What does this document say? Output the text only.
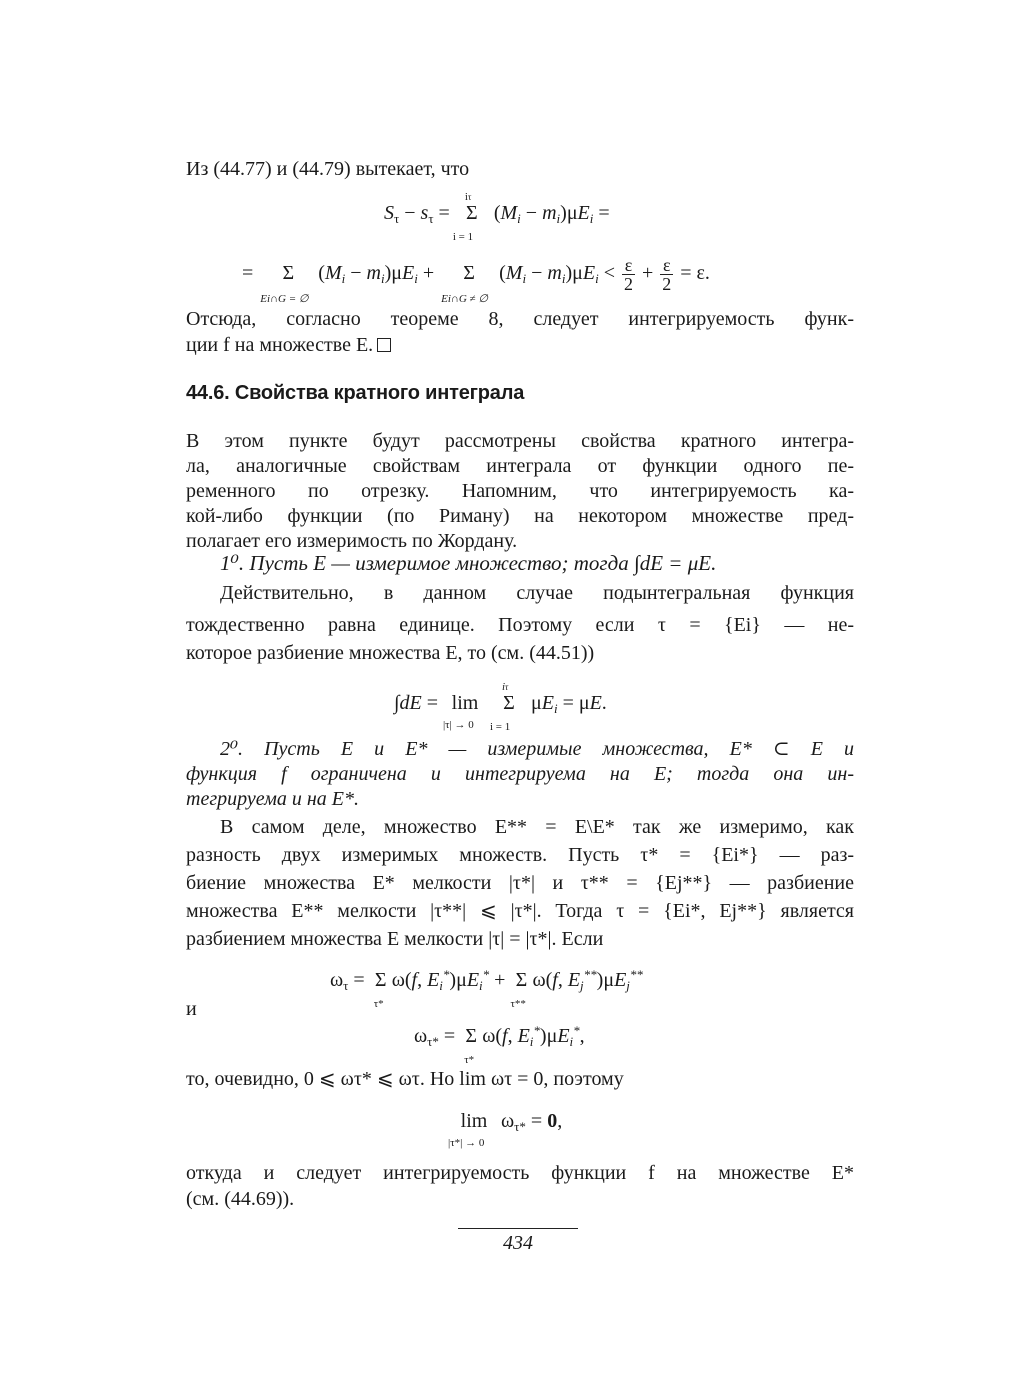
Из (44.77) и (44.79) вытекает, что
$S_\tau - s_\tau$ =
iτ
Σ
i = 1
$(M_i - m_i)\mu E_i$ =
= Σ
Ei∩G = ∅
$(M_i - m_i)\mu E_i + \Sigma$
Ei∩G ≠ ∅
$(M_i - m_i)\mu E_i < \frac{\varepsilon}{2} + \frac{\varepsilon}{2} = \varepsilon$.
Отсюда, согласно теореме 8, следует интегрируемость функ-
ции f на множестве E.
44.6. Свойства кратного интеграла
В этом пункте будут рассмотрены свойства кратного интегра-
ла, аналогичные свойствам интеграла от функции одного пе-
ременного по отрезку. Напомним, что интегрируемость ка-
кой-либо функции (по Риману) на некотором множестве пред-
полагает его измеримость по Жордану.
1⁰. Пусть E — измеримое множество; тогда ∫dE = μE.
Действительно, в данном случае подынтегральная функция
тождественно равна единице. Поэтому если τ = {Ei} — не-
которое разбиение множества E, то (см. (44.51))
∫dE = lim
|τ| → 0

iτ
Σ
i = 1
$\mu E_i = \mu E$.
2⁰. Пусть E и E* — измеримые множества, E* ⊂ E и
функция f ограничена и интегрируема на E; тогда она ин-
тегрируема и на E*.
В самом деле, множество E** = E\E* так же измеримо, как
разность двух измеримых множеств. Пусть τ* = {Ei*} — раз-
биение множества E* мелкости |τ*| и τ** = {Ej**} — разбиение
множества E** мелкости |τ**| ⩽ |τ*|. Тогда τ = {Ei*, Ej**} является
разбиением множества E мелкости |τ| = |τ*|. Если
$\omega_\tau = \Sigma$
τ*
ω(f, $E_i^*)\mu E_i^* + \Sigma$
τ**
ω(f, $E_j^{**})\mu E_j^{**}$
и
$\omega_{\tau*} = \Sigma$
τ*
ω(f, $E_i^*)\mu E_i^*$,
то, очевидно, 0 ⩽ ωτ* ⩽ ωτ. Но lim ωτ = 0, поэтому
lim
|τ*| → 0
$\omega_{\tau*} = 0$,
откуда и следует интегрируемость функции f на множестве E*
(см. (44.69)).
434
